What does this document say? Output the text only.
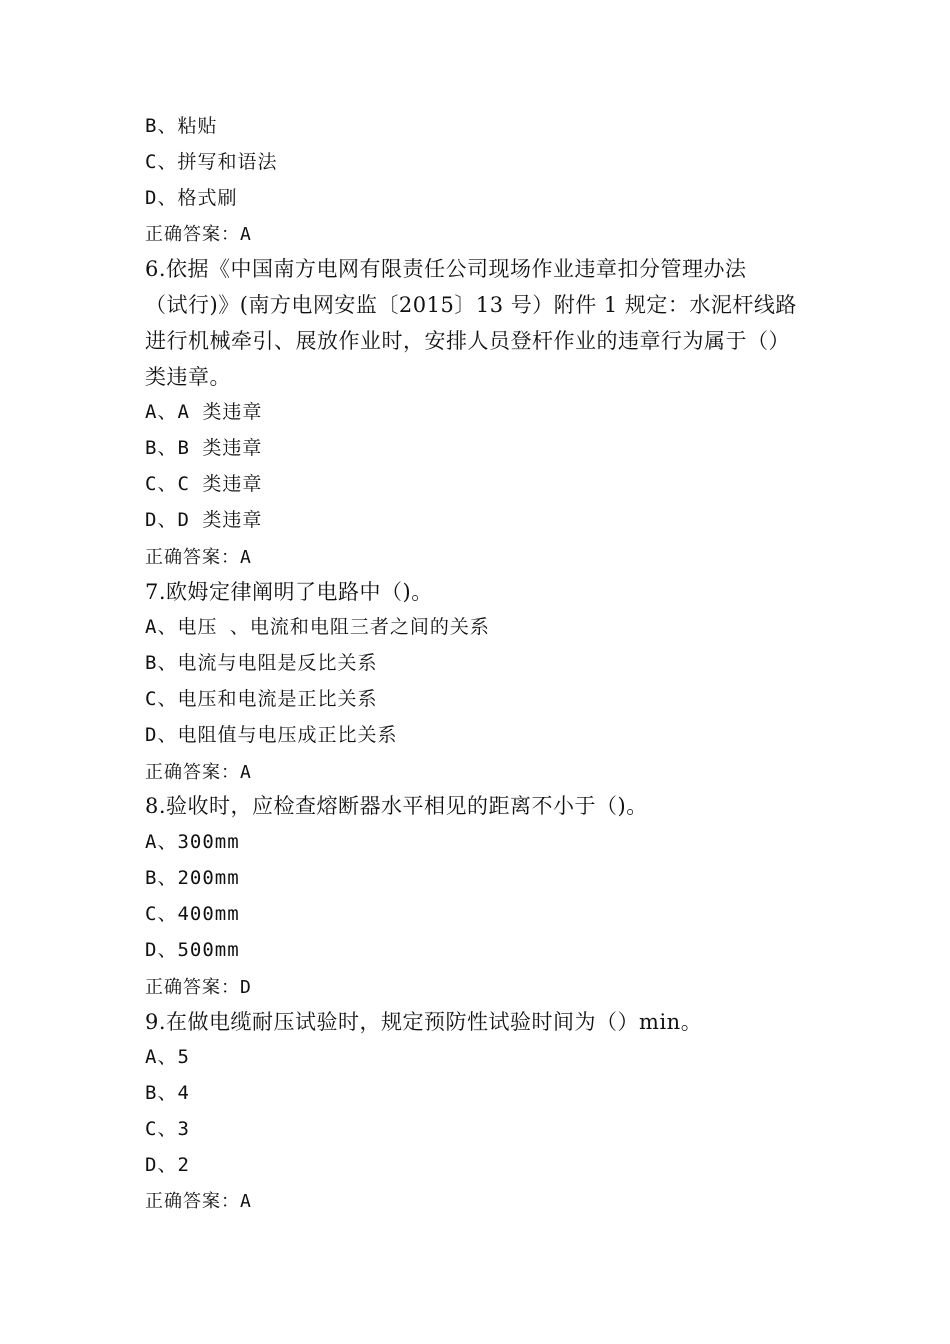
B、粘贴
C、拼写和语法
D、格式刷
正确答案：A
6.依据《中国南方电网有限责任公司现场作业违章扣分管理办法
（试行)》(南方电网安监〔2015〕13 号）附件 1 规定：水泥杆线路
进行机械牵引、展放作业时，安排人员登杆作业的违章行为属于（）
类违章。
A、A 类违章
B、B 类违章
C、C 类违章
D、D 类违章
正确答案：A
7.欧姆定律阐明了电路中（)。
A、电压 、电流和电阻三者之间的关系
B、电流与电阻是反比关系
C、电压和电流是正比关系
D、电阻值与电压成正比关系
正确答案：A
8.验收时，应检查熔断器水平相见的距离不小于（)。
A、300mm
B、200mm
C、400mm
D、500mm
正确答案：D
9.在做电缆耐压试验时，规定预防性试验时间为（）min。
A、5
B、4
C、3
D、2
正确答案：A
